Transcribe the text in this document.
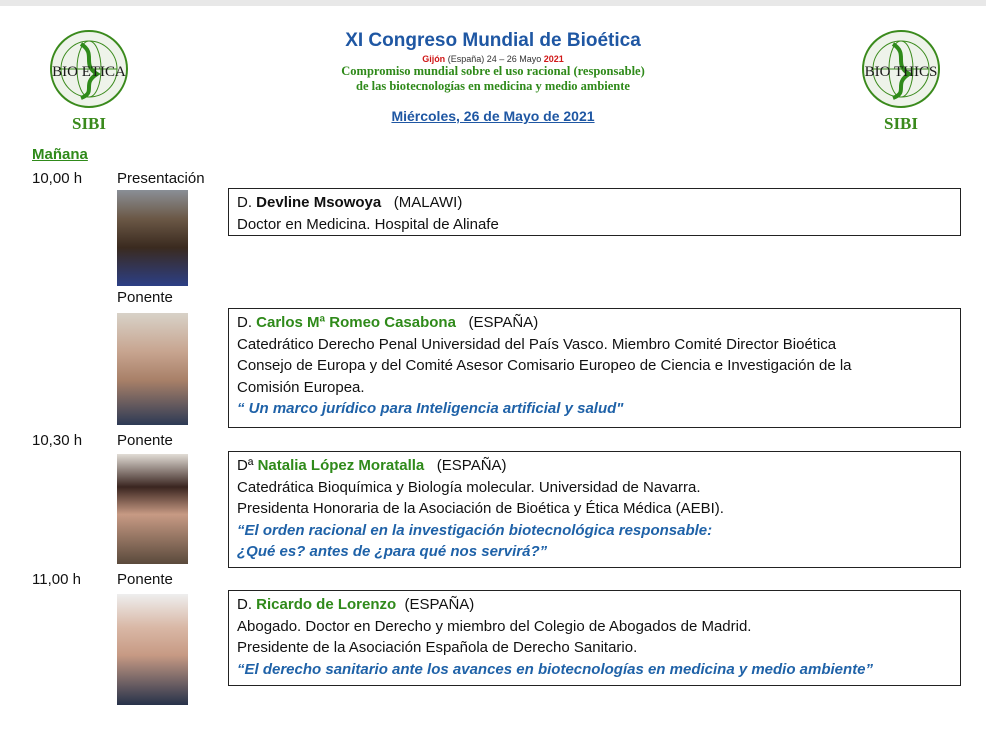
BIO ETICA
SIBI
BIO THICS
SIBI
XI Congreso Mundial de Bioética
Gijón (España) 24 – 26 Mayo 2021
Compromiso mundial sobre el uso racional (responsable)
de las biotecnologías en medicina y medio ambiente
Miércoles, 26 de Mayo de 2021
Mañana
10,00 h Presentación
D. Devline Msowoya (MALAWI)
Doctor en Medicina. Hospital de Alinafe
Ponente
D. Carlos Mª Romeo Casabona (ESPAÑA)
Catedrático Derecho Penal Universidad del País Vasco. Miembro Comité Director Bioética
Consejo de Europa y del Comité Asesor Comisario Europeo de Ciencia e Investigación de la
Comisión Europea.
“ Un marco jurídico para Inteligencia artificial y salud"
10,30 h Ponente
Dª Natalia López Moratalla (ESPAÑA)
Catedrática Bioquímica y Biología molecular. Universidad de Navarra.
Presidenta Honoraria de la Asociación de Bioética y Ética Médica (AEBI).
“El orden racional en la investigación biotecnológica responsable:
¿Qué es? antes de ¿para qué nos servirá?”
11,00 h Ponente
D. Ricardo de Lorenzo (ESPAÑA)
Abogado. Doctor en Derecho y miembro del Colegio de Abogados de Madrid.
Presidente de la Asociación Española de Derecho Sanitario.
“El derecho sanitario ante los avances en biotecnologías en medicina y medio ambiente”
